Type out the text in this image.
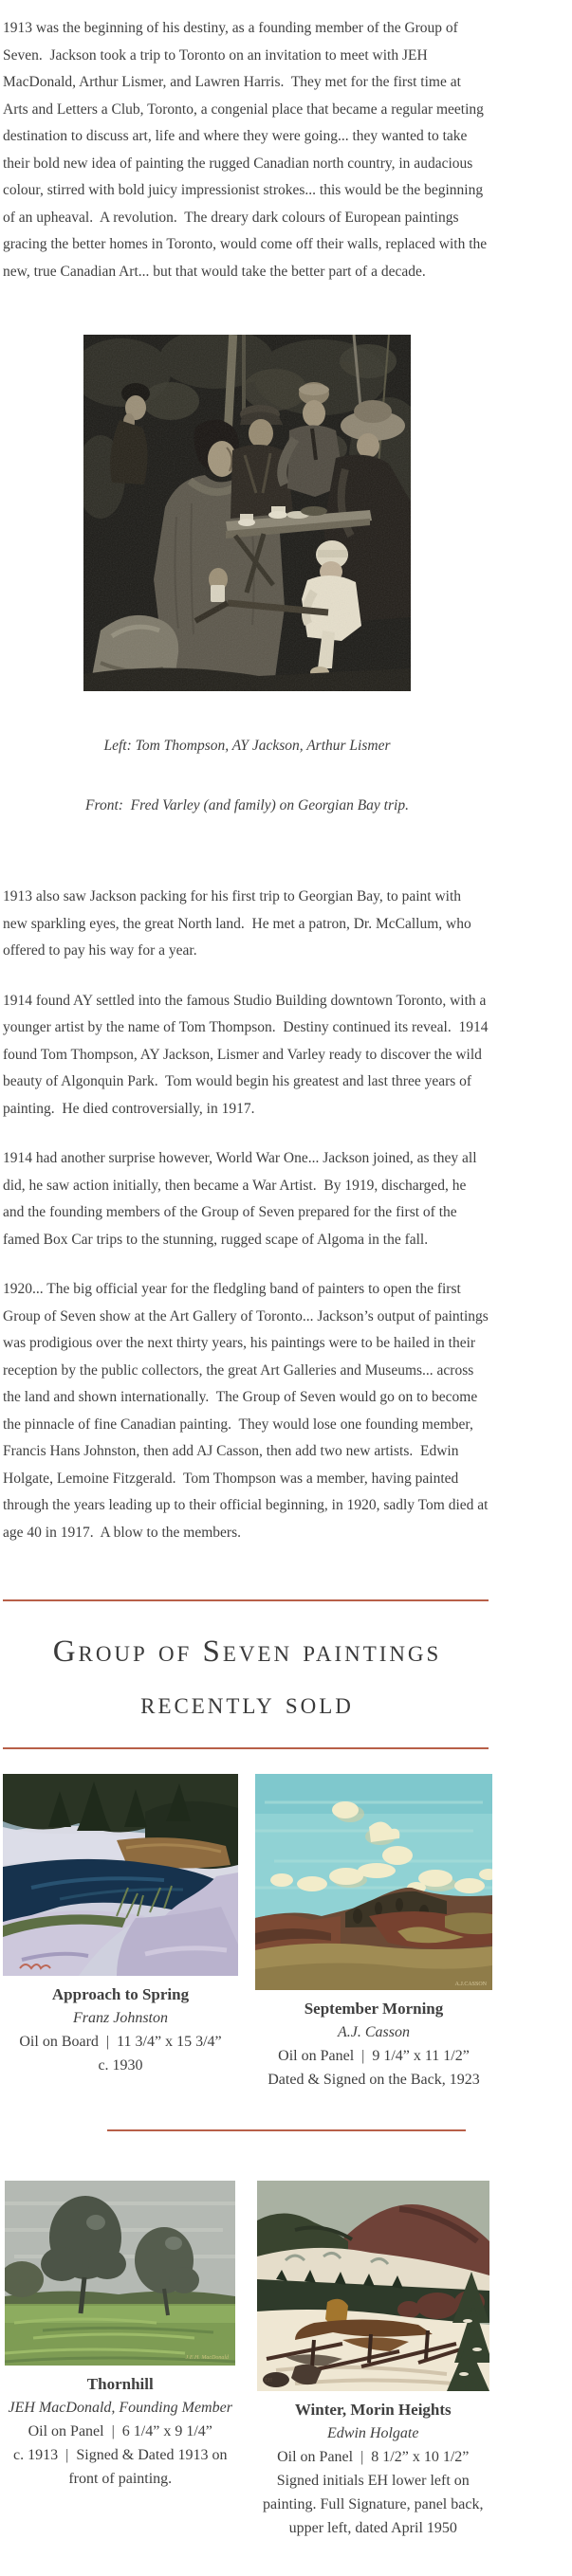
1913 was the beginning of his destiny, as a founding member of the Group of Seven.  Jackson took a trip to Toronto on an invitation to meet with JEH MacDonald, Arthur Lismer, and Lawren Harris.  They met for the first time at Arts and Letters a Club, Toronto, a congenial place that became a regular meeting destination to discuss art, life and where they were going... they wanted to take their bold new idea of painting the rugged Canadian north country, in audacious colour, stirred with bold juicy impressionist strokes... this would be the beginning of an upheaval.  A revolution.  The dreary dark colours of European paintings gracing the better homes in Toronto, would come off their walls, replaced with the new, true Canadian Art... but that would take the better part of a decade.

Left: Tom Thompson, AY Jackson, Arthur Lismer

Front:  Fred Varley (and family) on Georgian Bay trip.

1913 also saw Jackson packing for his first trip to Georgian Bay, to paint with new sparkling eyes, the great North land.  He met a patron, Dr. McCallum, who offered to pay his way for a year.

1914 found AY settled into the famous Studio Building downtown Toronto, with a younger artist by the name of Tom Thompson.  Destiny continued its reveal.  1914 found Tom Thompson, AY Jackson, Lismer and Varley ready to discover the wild beauty of Algonquin Park.  Tom would begin his greatest and last three years of painting.  He died controversially, in 1917.

1914 had another surprise however, World War One... Jackson joined, as they all did, he saw action initially, then became a War Artist.  By 1919, discharged, he and the founding members of the Group of Seven prepared for the first of the famed Box Car trips to the stunning, rugged scape of Algoma in the fall.

1920... The big official year for the fledgling band of painters to open the first Group of Seven show at the Art Gallery of Toronto... Jackson’s output of paintings was prodigious over the next thirty years, his paintings were to be hailed in their reception by the public collectors, the great Art Galleries and Museums... across the land and shown internationally.  The Group of Seven would go on to become the pinnacle of fine Canadian painting.  They would lose one founding member, Francis Hans Johnston, then add AJ Casson, then add two new artists.  Edwin Holgate, Lemoine Fitzgerald.  Tom Thompson was a member, having painted through the years leading up to their official beginning, in 1920, sadly Tom died at age 40 in 1917.  A blow to the members.

Group of Seven paintings
recently sold
Approach to Spring
Franz Johnston
Oil on Board  |  11 3/4” x 15 3/4”
c. 1930
A.J.CASSON
September Morning
A.J. Casson
Oil on Panel  |  9 1/4” x 11 1/2”
Dated & Signed on the Back, 1923
J.E.H. MacDonald
Thornhill
JEH MacDonald, Founding Member
Oil on Panel  |  6 1/4” x 9 1/4”
c. 1913  |  Signed & Dated 1913 on front of painting.
EH
Winter, Morin Heights
Edwin Holgate
Oil on Panel  |  8 1/2” x 10 1/2”
Signed initials EH lower left on painting. Full Signature, panel back, upper left, dated April 1950
